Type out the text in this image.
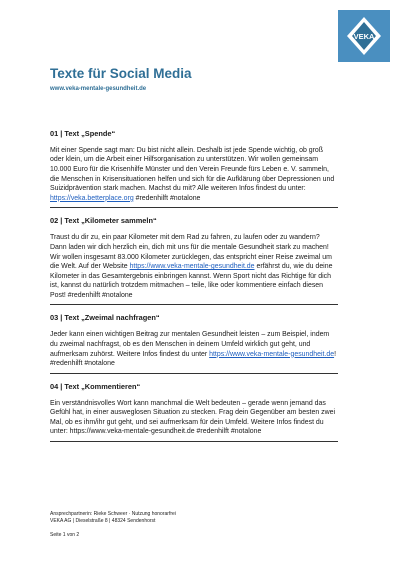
VEKA
Texte für Social Media
www.veka-mentale-gesundheit.de
01 | Text „Spende“

Mit einer Spende sagt man: Du bist nicht allein. Deshalb ist jede Spende wichtig, ob groß oder klein, um die Arbeit einer Hilfsorganisation zu unterstützen. Wir wollen gemeinsam 10.000 Euro für die Krisenhilfe Münster und den Verein Freunde fürs Leben e. V. sammeln, die Menschen in Krisensituationen helfen und sich für die Aufklärung über Depressionen und Suizidprävention stark machen. Machst du mit? Alle weiteren Infos findest du unter: https://veka.betterplace.org #redenhilft #notalone

02 | Text „Kilometer sammeln“

Traust du dir zu, ein paar Kilometer mit dem Rad zu fahren, zu laufen oder zu wandern? Dann laden wir dich herzlich ein, dich mit uns für die mentale Gesundheit stark zu machen! Wir wollen insgesamt 83.000 Kilometer zurücklegen, das entspricht einer Reise zweimal um die Welt. Auf der Website https://www.veka-mentale-gesundheit.de erfährst du, wie du deine Kilometer in das Gesamtergebnis einbringen kannst. Wenn Sport nicht das Richtige für dich ist, kannst du natürlich trotzdem mitmachen – teile, like oder kommentiere einfach diesen Post! #redenhilft #notalone

03 | Text „Zweimal nachfragen“

Jeder kann einen wichtigen Beitrag zur mentalen Gesundheit leisten – zum Beispiel, indem du zweimal nachfragst, ob es den Menschen in deinem Umfeld wirklich gut geht, und aufmerksam zuhörst. Weitere Infos findest du unter https://www.veka-mentale-gesundheit.de! #redenhilft #notalone

04 | Text „Kommentieren“

Ein verständnisvolles Wort kann manchmal die Welt bedeuten – gerade wenn jemand das Gefühl hat, in einer ausweglosen Situation zu stecken. Frag dein Gegenüber am besten zwei Mal, ob es ihm/ihr gut geht, und sei aufmerksam für dein Umfeld. Weitere Infos findest du unter: https://www.veka-mentale-gesundheit.de #redenhilft #notalone

Ansprechpartnerin: Rieke Schweer · Nutzung honorarfrei
VEKA AG | Dieselstraße 8 | 48324 Sendenhorst
Seite 1 von 2
